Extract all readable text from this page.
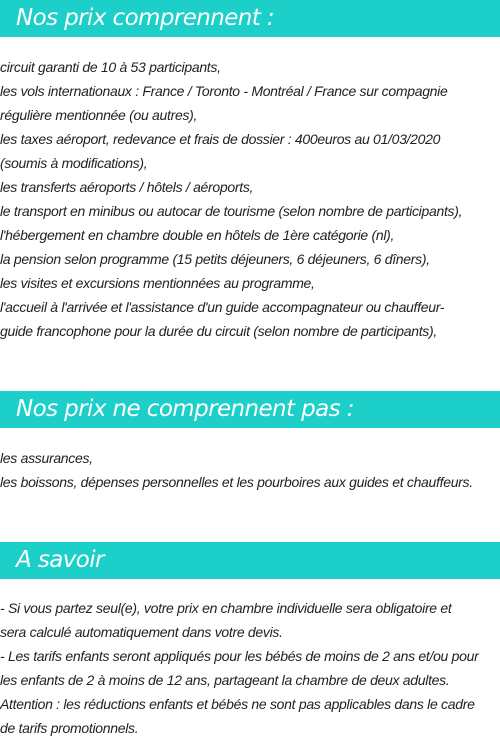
Nos prix comprennent :

circuit garanti de 10 à 53 participants,

les vols internationaux : France / Toronto - Montréal / France sur compagnie

régulière mentionnée (ou autres),

les taxes aéroport, redevance et frais de dossier : 400euros au 01/03/2020

(soumis à modifications),

les transferts aéroports / hôtels / aéroports,

le transport en minibus ou autocar de tourisme (selon nombre de participants),

l'hébergement en chambre double en hôtels de 1ère catégorie (nl),

la pension selon programme (15 petits déjeuners, 6 déjeuners, 6 dîners),

les visites et excursions mentionnées au programme,

l'accueil à l'arrivée et l'assistance d'un guide accompagnateur ou chauffeur-

guide francophone pour la durée du circuit (selon nombre de participants),

Nos prix ne comprennent pas :

les assurances,

les boissons, dépenses personnelles et les pourboires aux guides et chauffeurs.

A savoir

- Si vous partez seul(e), votre prix en chambre individuelle sera obligatoire et

sera calculé automatiquement dans votre devis.

- Les tarifs enfants seront appliqués pour les bébés de moins de 2 ans et/ou pour

les enfants de 2 à moins de 12 ans, partageant la chambre de deux adultes.

Attention : les réductions enfants et bébés ne sont pas applicables dans le cadre

de tarifs promotionnels.
